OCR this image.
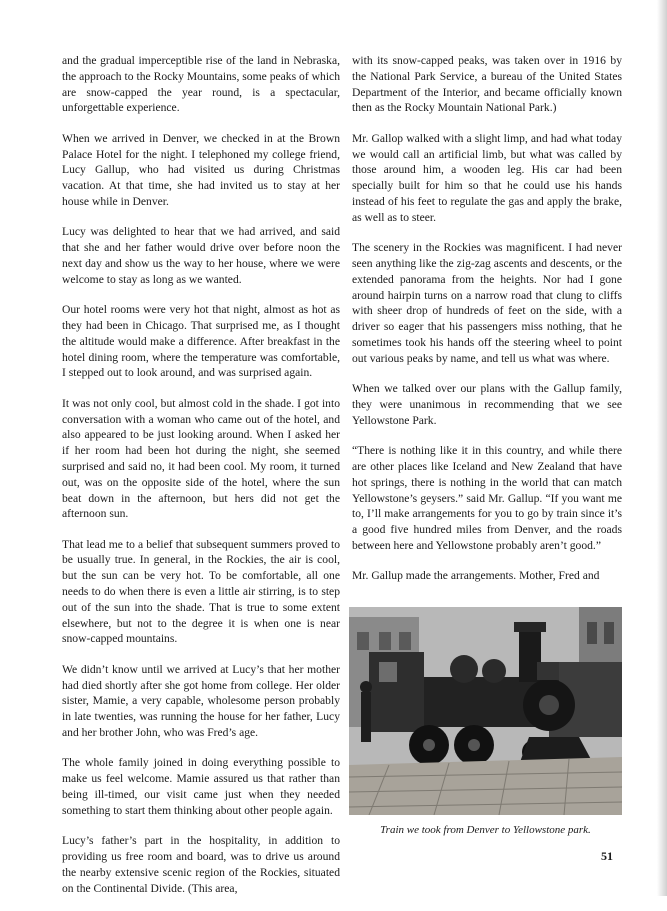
and the gradual imperceptible rise of the land in Nebraska, the approach to the Rocky Mountains, some peaks of which are snow-capped the year round, is a spectacular, unforgettable experience.

When we arrived in Denver, we checked in at the Brown Palace Hotel for the night. I telephoned my college friend, Lucy Gallup, who had visited us during Christmas vacation. At that time, she had invited us to stay at her house while in Denver.

Lucy was delighted to hear that we had arrived, and said that she and her father would drive over before noon the next day and show us the way to her house, where we were welcome to stay as long as we wanted.

Our hotel rooms were very hot that night, almost as hot as they had been in Chicago. That surprised me, as I thought the altitude would make a difference. After breakfast in the hotel dining room, where the temperature was comfortable, I stepped out to look around, and was surprised again.

It was not only cool, but almost cold in the shade. I got into conversation with a woman who came out of the hotel, and also appeared to be just looking around. When I asked her if her room had been hot during the night, she seemed surprised and said no, it had been cool. My room, it turned out, was on the opposite side of the hotel, where the sun beat down in the afternoon, but hers did not get the afternoon sun.

That lead me to a belief that subsequent summers proved to be usually true. In general, in the Rockies, the air is cool, but the sun can be very hot. To be comfortable, all one needs to do when there is even a little air stirring, is to step out of the sun into the shade. That is true to some extent elsewhere, but not to the degree it is when one is near snow-capped mountains.

We didn’t know until we arrived at Lucy’s that her mother had died shortly after she got home from college. Her older sister, Mamie, a very capable, wholesome person probably in late twenties, was running the house for her father, Lucy and her brother John, who was Fred’s age.

The whole family joined in doing everything possible to make us feel welcome. Mamie assured us that rather than being ill-timed, our visit came just when they needed something to start them thinking about other people again.

Lucy’s father’s part in the hospitality, in addition to providing us free room and board, was to drive us around the nearby extensive scenic region of the Rockies, situated on the Continental Divide. (This area,

with its snow-capped peaks, was taken over in 1916 by the National Park Service, a bureau of the United States Department of the Interior, and became officially known then as the Rocky Mountain National Park.)

Mr. Gallop walked with a slight limp, and had what today we would call an artificial limb, but what was called by those around him, a wooden leg. His car had been specially built for him so that he could use his hands instead of his feet to regulate the gas and apply the brake, as well as to steer.

The scenery in the Rockies was magnificent. I had never seen anything like the zig-zag ascents and descents, or the extended panorama from the heights. Nor had I gone around hairpin turns on a narrow road that clung to cliffs with sheer drop of hundreds of feet on the side, with a driver so eager that his passengers miss nothing, that he sometimes took his hands off the steering wheel to point out various peaks by name, and tell us what was where.

When we talked over our plans with the Gallup family, they were unanimous in recommending that we see Yellowstone Park.

“There is nothing like it in this country, and while there are other places like Iceland and New Zealand that have hot springs, there is nothing in the world that can match Yellowstone’s geysers.” said Mr. Gallup. “If you want me to, I’ll make arrangements for you to go by train since it’s a good five hundred miles from Denver, and the roads between here and Yellowstone probably aren’t good.”

Mr. Gallup made the arrangements. Mother, Fred and

Train we took from Denver to Yellowstone park.
51
